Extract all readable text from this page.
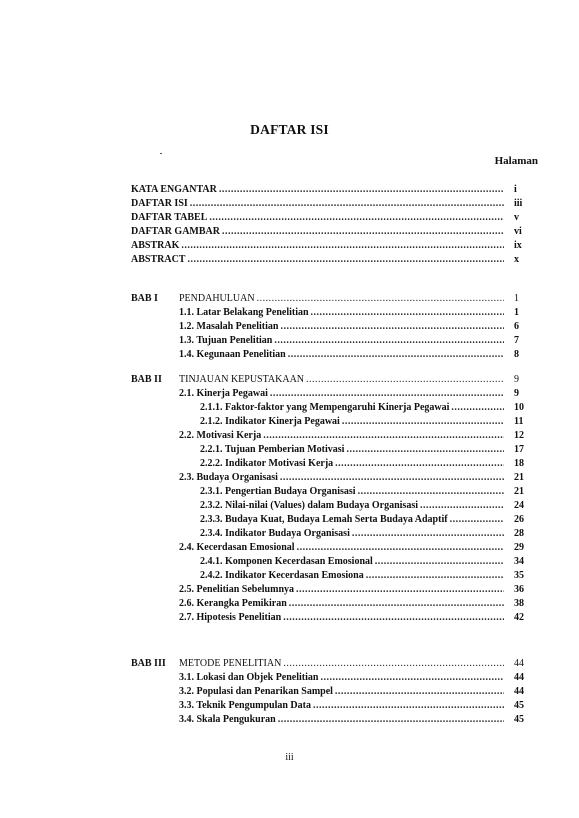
DAFTAR ISI
Halaman
KATA ENGANTAR .....	i
DAFTAR ISI .....	iii
DAFTAR TABEL .....	v
DAFTAR GAMBAR .....	vi
ABSTRAK .....	ix
ABSTRACT .....	x
BAB I	PENDAHULUAN .....	1
1.1. Latar Belakang Penelitian .....	1
1.2. Masalah Penelitian .....	6
1.3. Tujuan Penelitian .....	7
1.4. Kegunaan Penelitian .....	8
BAB II	TINJAUAN KEPUSTAKAAN .....	9
2.1. Kinerja Pegawai .....	9
2.1.1. Faktor-faktor yang Mempengaruhi Kinerja Pegawai .....	10
2.1.2. Indikator Kinerja Pegawai .....	11
2.2. Motivasi Kerja .....	12
2.2.1. Tujuan Pemberian Motivasi .....	17
2.2.2. Indikator Motivasi Kerja .....	18
2.3. Budaya Organisasi .....	21
2.3.1. Pengertian Budaya Organisasi .....	21
2.3.2. Nilai-nilai (Values) dalam Budaya Organisasi .....	24
2.3.3. Budaya Kuat, Budaya Lemah Serta Budaya Adaptif .....	26
2.3.4. Indikator Budaya Organisasi .....	28
2.4. Kecerdasan Emosional .....	29
2.4.1. Komponen Kecerdasan Emosional .....	34
2.4.2. Indikator Kecerdasan Emosiona .....	35
2.5. Penelitian Sebelumnya .....	36
2.6. Kerangka Pemikiran .....	38
2.7. Hipotesis Penelitian .....	42
BAB III	METODE PENELITIAN .....	44
3.1. Lokasi dan Objek Penelitian .....	44
3.2. Populasi dan Penarikan Sampel .....	44
3.3. Teknik Pengumpulan Data .....	45
3.4. Skala Pengukuran .....	45
iii
